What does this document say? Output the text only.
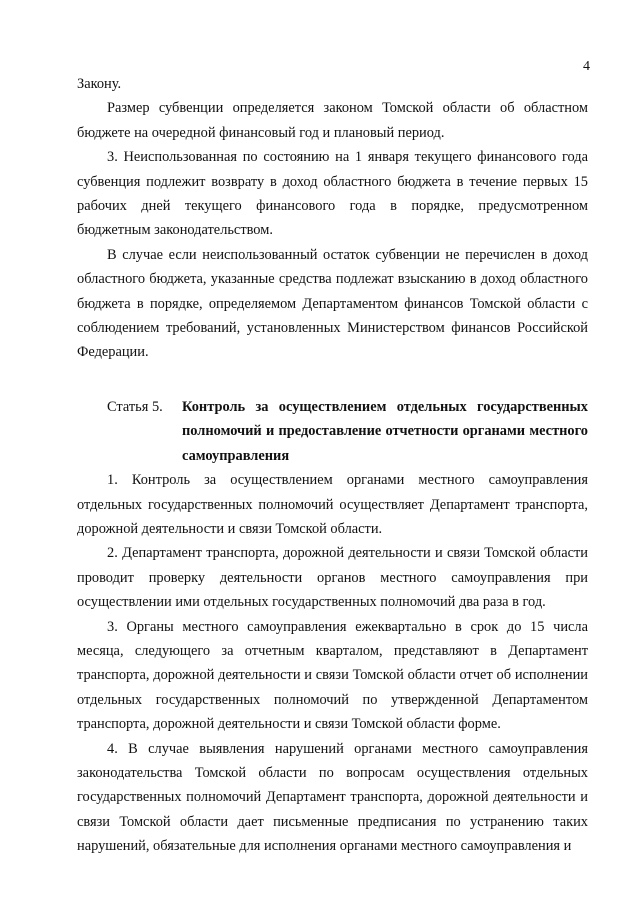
4

Закону.

Размер субвенции определяется законом Томской области об областном бюджете на очередной финансовый год и плановый период.

3. Неиспользованная по состоянию на 1 января текущего финансового года субвенция подлежит возврату в доход областного бюджета в течение первых 15 рабочих дней текущего финансового года в порядке, предусмотренном бюджетным законодательством.

В случае если неиспользованный остаток субвенции не перечислен в доход областного бюджета, указанные средства подлежат взысканию в доход областного бюджета в порядке, определяемом Департаментом финансов Томской области с соблюдением требований, установленных Министерством финансов Российской Федерации.

Статья 5.	Контроль за осуществлением отдельных государственных полномочий и предоставление отчетности органами местного самоуправления

1. Контроль за осуществлением органами местного самоуправления отдельных государственных полномочий осуществляет Департамент транспорта, дорожной деятельности и связи Томской области.

2. Департамент транспорта, дорожной деятельности и связи Томской области проводит проверку деятельности органов местного самоуправления при осуществлении ими отдельных государственных полномочий два раза в год.

3. Органы местного самоуправления ежеквартально в срок до 15 числа месяца, следующего за отчетным кварталом, представляют в Департамент транспорта, дорожной деятельности и связи Томской области отчет об исполнении отдельных государственных полномочий по утвержденной Департаментом транспорта, дорожной деятельности и связи Томской области форме.

4. В случае выявления нарушений органами местного самоуправления законодательства Томской области по вопросам осуществления отдельных государственных полномочий Департамент транспорта, дорожной деятельности и связи Томской области дает письменные предписания по устранению таких нарушений, обязательные для исполнения органами местного самоуправления и
